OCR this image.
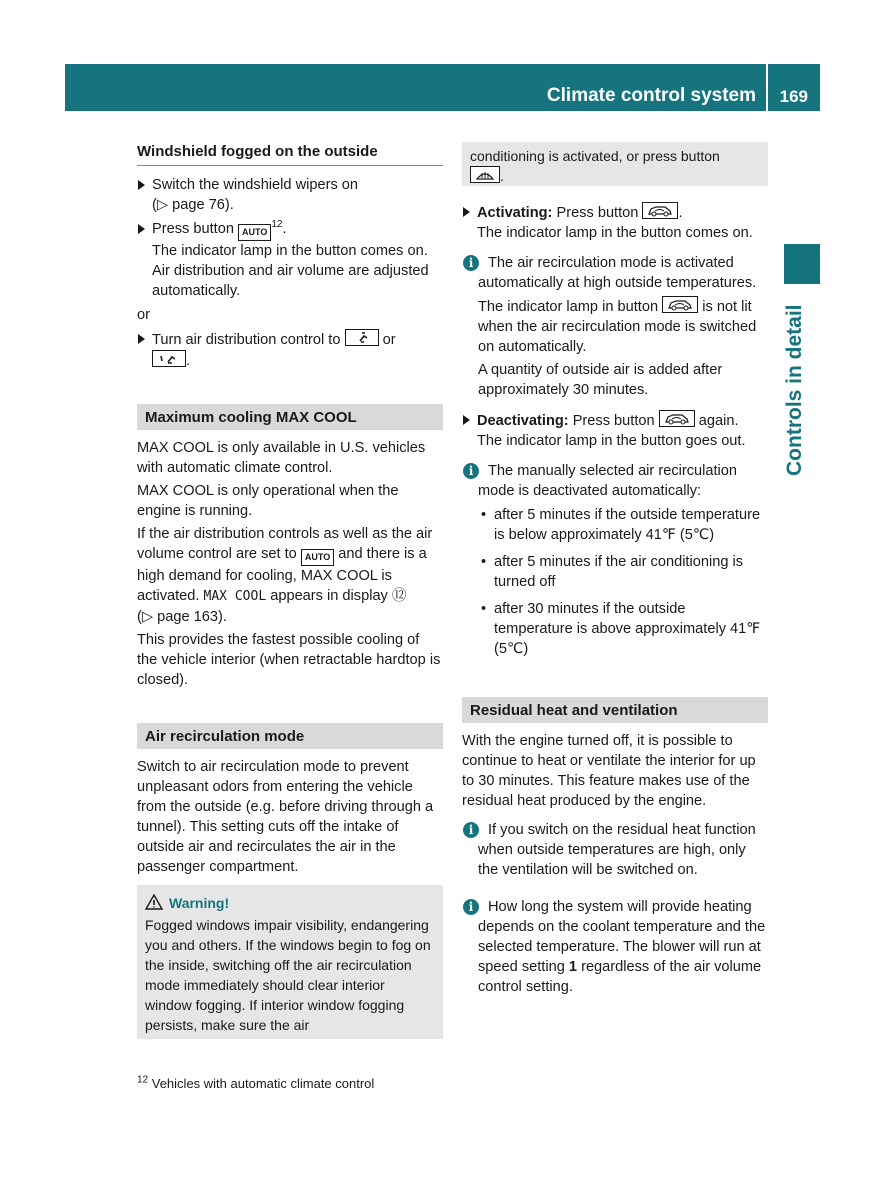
Climate control system 169
Controls in detail
Windshield fogged on the outside
Switch the windshield wipers on
(▷ page 76).
Press button AUTO$^{12}$.
The indicator lamp in the button comes on. Air distribution and air volume are adjusted automatically.

or

Turn air distribution control to	or
.
Maximum cooling MAX COOL

MAX COOL is only available in U.S. vehicles with automatic climate control.

MAX COOL is only operational when the engine is running.

If the air distribution controls as well as the air volume control are set to AUTO and there is a high demand for cooling, MAX COOL is activated. MAX COOL appears in display ⑫
(▷ page 163).

This provides the fastest possible cooling of the vehicle interior (when retractable hardtop is closed).

Air recirculation mode

Switch to air recirculation mode to prevent unpleasant odors from entering the vehicle from the outside (e.g. before driving through a tunnel). This setting cuts off the intake of outside air and recirculates the air in the passenger compartment.

Warning!
Fogged windows impair visibility, endangering you and others. If the windows begin to fog on the inside, switching off the air recirculation mode immediately should clear interior window fogging. If interior window fogging persists, make sure the air
conditioning is activated, or press button

.
Activating: Press button	.
The indicator lamp in the button comes on.
i	The air recirculation mode is activated automatically at high outside temperatures.

The indicator lamp in button	is not lit when the air recirculation mode is switched on automatically.

A quantity of outside air is added after approximately 30 minutes.

Deactivating: Press button	again.
The indicator lamp in the button goes out.
i	The manually selected air recirculation mode is deactivated automatically:

• after 5 minutes if the outside temperature is below approximately 41℉ (5℃)
• after 5 minutes if the air conditioning is turned off
• after 30 minutes if the outside temperature is above approximately 41℉ (5℃)
Residual heat and ventilation

With the engine turned off, it is possible to continue to heat or ventilate the interior for up to 30 minutes. This feature makes use of the residual heat produced by the engine.

i	If you switch on the residual heat function when outside temperatures are high, only the ventilation will be switched on.

i	How long the system will provide heating depends on the coolant temperature and the selected temperature. The blower will run at speed setting 1 regardless of the air volume control setting.

$^{12}$ Vehicles with automatic climate control
